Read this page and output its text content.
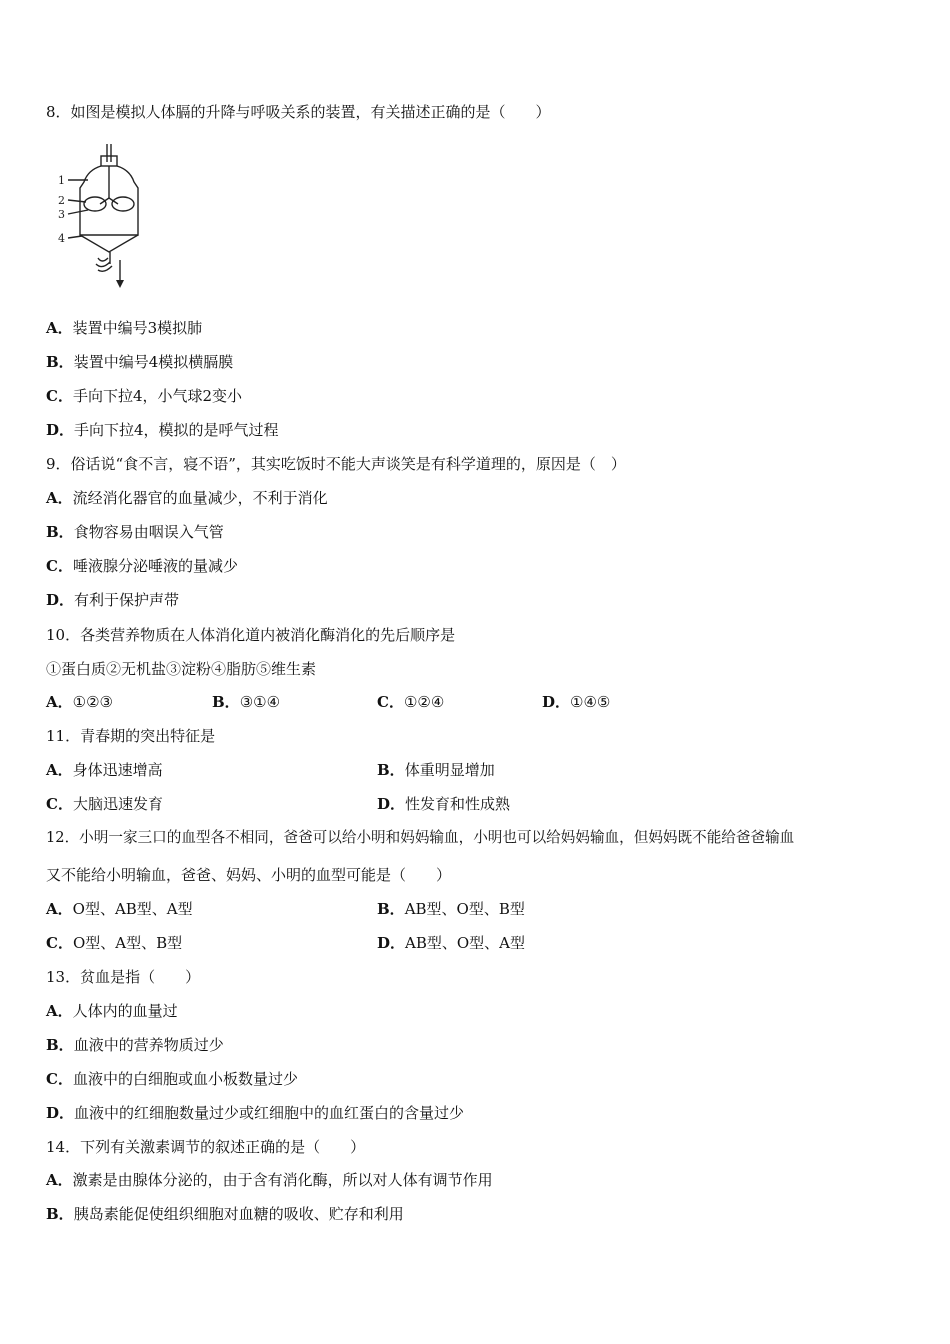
8．如图是模拟人体膈的升降与呼吸关系的装置，有关描述正确的是（　　）
1
2
3
4
A．装置中编号3模拟肺
B．装置中编号4模拟横膈膜
C．手向下拉4，小气球2变小
D．手向下拉4，模拟的是呼气过程
9．俗话说“食不言，寝不语”，其实吃饭时不能大声谈笑是有科学道理的，原因是（　）
A．流经消化器官的血量减少，不利于消化
B．食物容易由咽误入气管
C．唾液腺分泌唾液的量减少
D．有利于保护声带
10．各类营养物质在人体消化道内被消化酶消化的先后顺序是
①蛋白质②无机盐③淀粉④脂肪⑤维生素
A．①②③	B．③①④	C．①②④	D．①④⑤
11．青春期的突出特征是
A．身体迅速增高	B．体重明显增加
C．大脑迅速发育	D．性发育和性成熟
12．小明一家三口的血型各不相同，爸爸可以给小明和妈妈输血，小明也可以给妈妈输血，但妈妈既不能给爸爸输血
又不能给小明输血，爸爸、妈妈、小明的血型可能是（　　）
A．O型、AB型、A型	B．AB型、O型、B型
C．O型、A型、B型	D．AB型、O型、A型
13．贫血是指（　　）
A．人体内的血量过
B．血液中的营养物质过少
C．血液中的白细胞或血小板数量过少
D．血液中的红细胞数量过少或红细胞中的血红蛋白的含量过少
14．下列有关激素调节的叙述正确的是（　　）
A．激素是由腺体分泌的，由于含有消化酶，所以对人体有调节作用
B．胰岛素能促使组织细胞对血糖的吸收、贮存和利用
